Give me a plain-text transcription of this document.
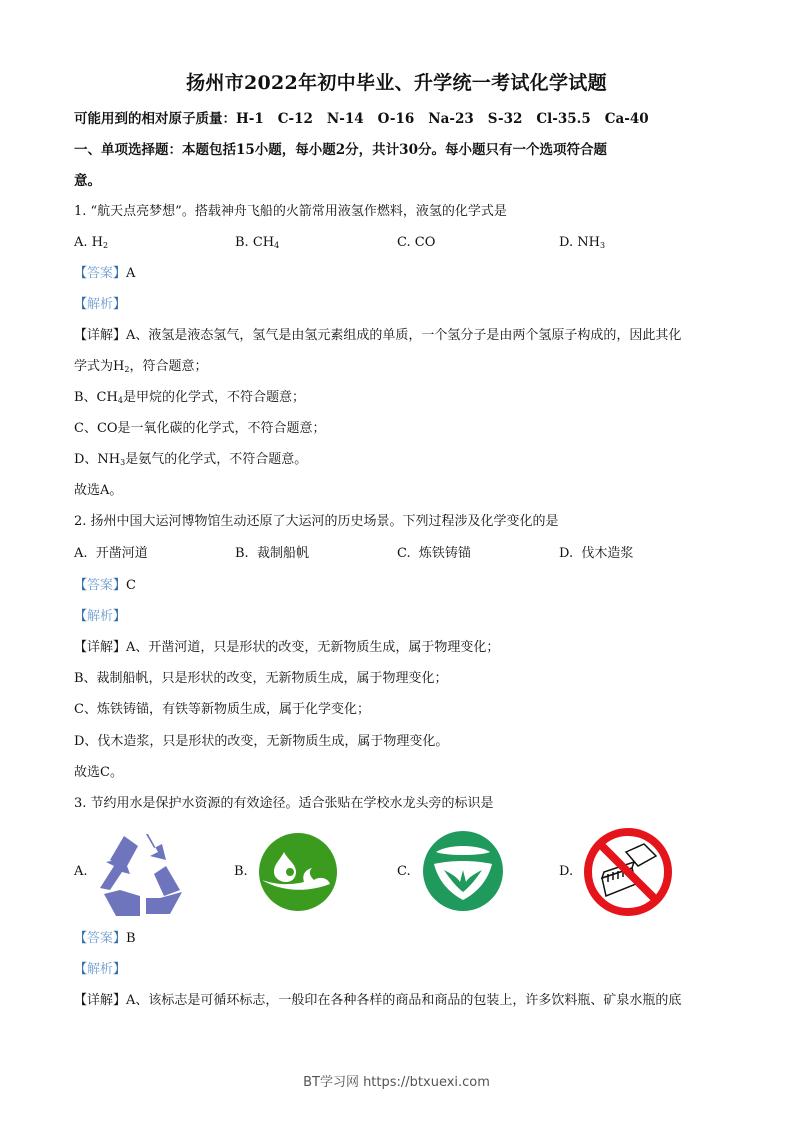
扬州市2022年初中毕业、升学统一考试化学试题
可能用到的相对原子质量：H-1 C-12 N-14 O-16 Na-23 S-32 Cl-35.5 Ca-40
一、单项选择题：本题包括15小题，每小题2分，共计30分。每小题只有一个选项符合题
意。
1. “航天点亮梦想”。搭载神舟飞船的火箭常用液氢作燃料，液氢的化学式是
A. $H_2$	B. $CH_4$	C. CO	D. $NH_3$
【答案】A
【解析】
【详解】A、液氢是液态氢气，氢气是由氢元素组成的单质，一个氢分子是由两个氢原子构成的，因此其化
学式为$H_2$，符合题意；
B、$CH_4$是甲烷的化学式，不符合题意；
C、CO是一氧化碳的化学式，不符合题意；
D、$NH_3$是氨气的化学式，不符合题意。
故选A。
2. 扬州中国大运河博物馆生动还原了大运河的历史场景。下列过程涉及化学变化的是
A. 开凿河道	B. 裁制船帆	C. 炼铁铸锚	D. 伐木造浆
【答案】C
【解析】
【详解】A、开凿河道，只是形状的改变，无新物质生成，属于物理变化；
B、裁制船帆，只是形状的改变，无新物质生成，属于物理变化；
C、炼铁铸锚，有铁等新物质生成，属于化学变化；
D、伐木造浆，只是形状的改变，无新物质生成，属于物理变化。
故选C。
3. 节约用水是保护水资源的有效途径。适合张贴在学校水龙头旁的标识是
A.	B.	C.	D.
【答案】B
【解析】
【详解】A、该标志是可循环标志，一般印在各种各样的商品和商品的包装上，许多饮料瓶、矿泉水瓶的底
BT学习网 https://btxuexi.com
